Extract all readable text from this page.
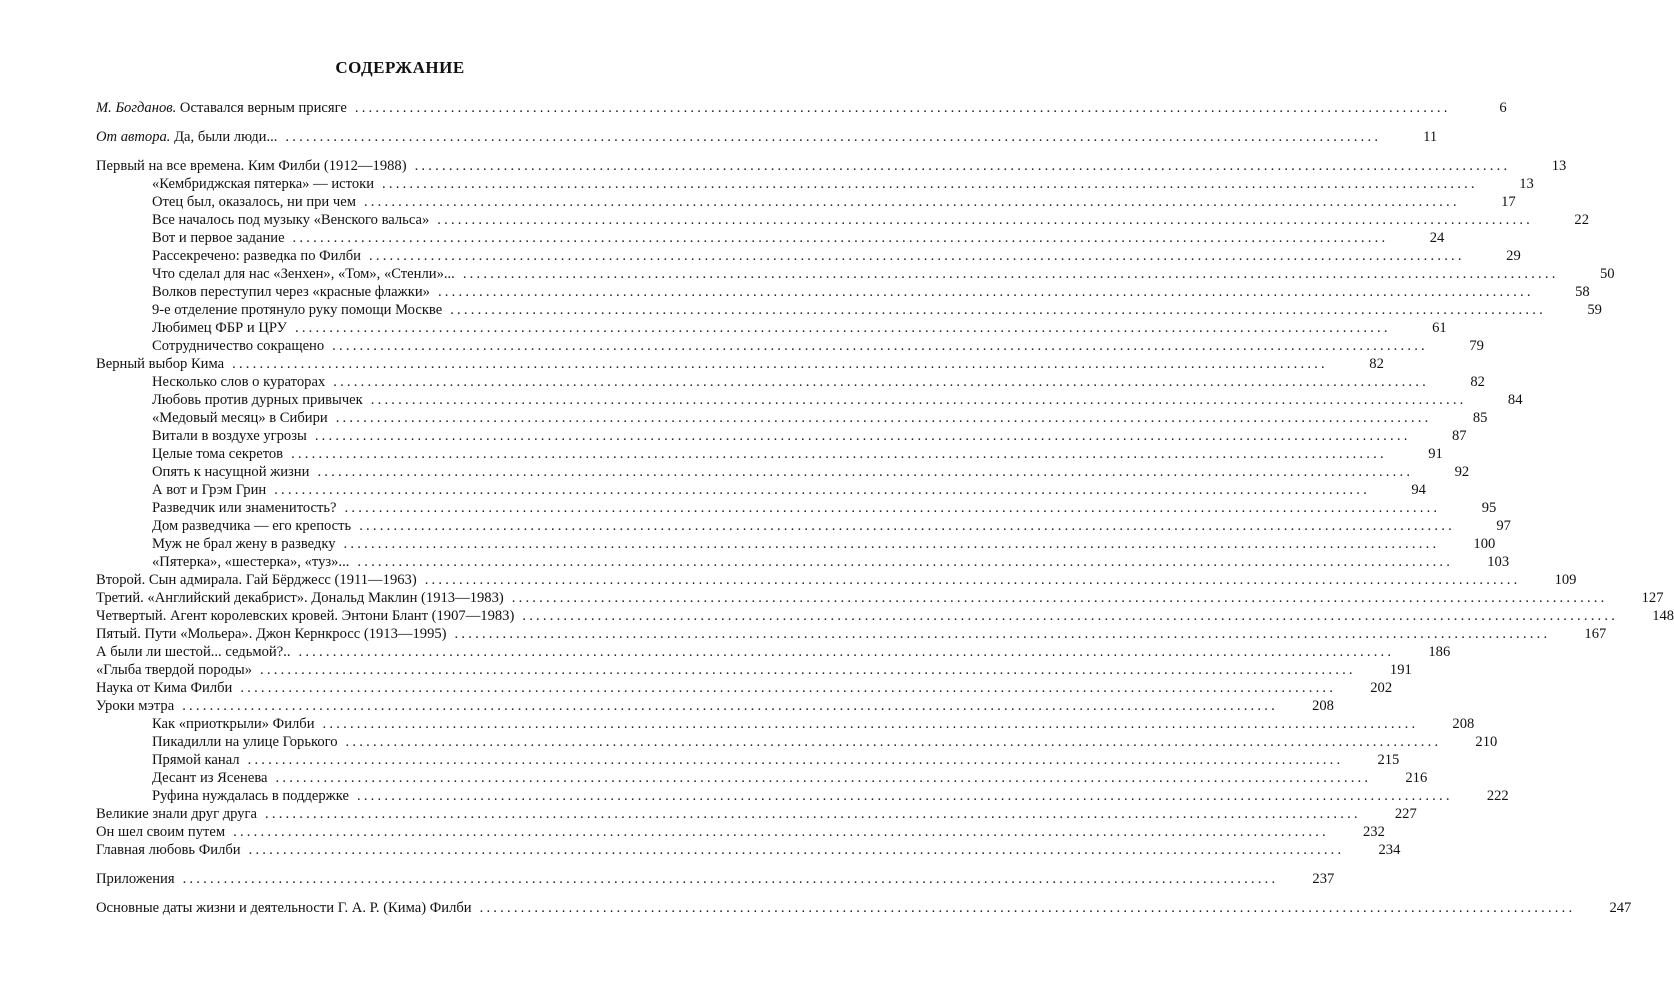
СОДЕРЖАНИЕ
М. Богданов. Оставался верным присяге ................................................................................................................................................................	6
От автора. Да, были люди... ................................................................................................................................................................	11
Первый на все времена. Ким Филби (1912—1988) ................................................................................................................................................................	13
«Кембриджская пятерка» — истоки ................................................................................................................................................................	13
Отец был, оказалось, ни при чем ................................................................................................................................................................	17
Все началось под музыку «Венского вальса» ................................................................................................................................................................	22
Вот и первое задание ................................................................................................................................................................	24
Рассекречено: разведка по Филби ................................................................................................................................................................	29
Что сделал для нас «Зенхен», «Том», «Стенли»... ................................................................................................................................................................	50
Волков переступил через «красные флажки» ................................................................................................................................................................	58
9-е отделение протянуло руку помощи Москве ................................................................................................................................................................	59
Любимец ФБР и ЦРУ ................................................................................................................................................................	61
Сотрудничество сокращено ................................................................................................................................................................	79
Верный выбор Кима ................................................................................................................................................................	82
Несколько слов о кураторах ................................................................................................................................................................	82
Любовь против дурных привычек ................................................................................................................................................................	84
«Медовый месяц» в Сибири ................................................................................................................................................................	85
Витали в воздухе угрозы ................................................................................................................................................................	87
Целые тома секретов ................................................................................................................................................................	91
Опять к насущной жизни ................................................................................................................................................................	92
А вот и Грэм Грин ................................................................................................................................................................	94
Разведчик или знаменитость? ................................................................................................................................................................	95
Дом разведчика — его крепость ................................................................................................................................................................	97
Муж не брал жену в разведку ................................................................................................................................................................	100
«Пятерка», «шестерка», «туз»... ................................................................................................................................................................	103
Второй. Сын адмирала. Гай Бёрджесс (1911—1963) ................................................................................................................................................................	109
Третий. «Английский декабрист». Дональд Маклин (1913—1983) ................................................................................................................................................................	127
Четвертый. Агент королевских кровей. Энтони Блант (1907—1983) ................................................................................................................................................................	148
Пятый. Пути «Мольера». Джон Кернкросс (1913—1995) ................................................................................................................................................................	167
А были ли шестой... седьмой?.. ................................................................................................................................................................	186
«Глыба твердой породы» ................................................................................................................................................................	191
Наука от Кима Филби ................................................................................................................................................................	202
Уроки мэтра ................................................................................................................................................................	208
Как «приоткрыли» Филби ................................................................................................................................................................	208
Пикадилли на улице Горького ................................................................................................................................................................	210
Прямой канал ................................................................................................................................................................	215
Десант из Ясенева ................................................................................................................................................................	216
Руфина нуждалась в поддержке ................................................................................................................................................................	222
Великие знали друг друга ................................................................................................................................................................	227
Он шел своим путем ................................................................................................................................................................	232
Главная любовь Филби ................................................................................................................................................................	234
Приложения ................................................................................................................................................................	237
Основные даты жизни и деятельности Г. А. Р. (Кима) Филби ................................................................................................................................................................	247
